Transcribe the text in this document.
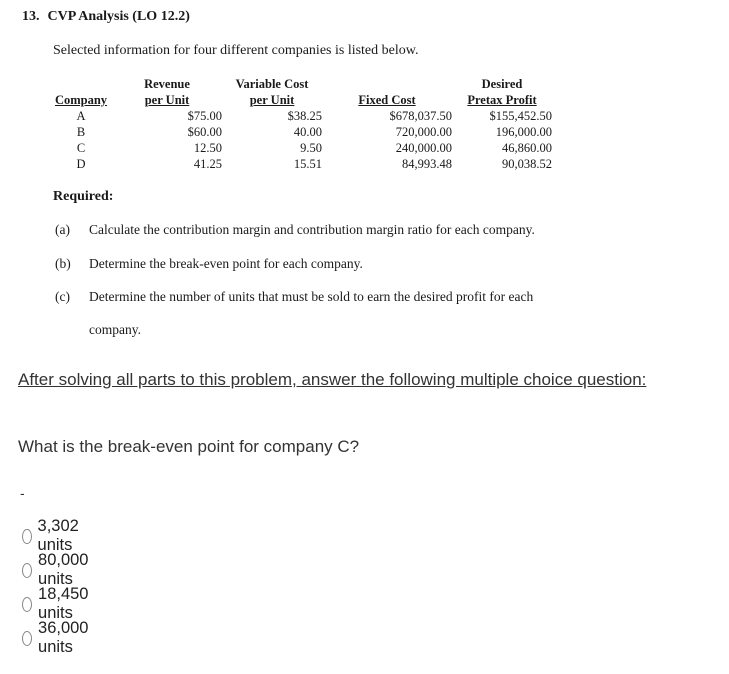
13. CVP Analysis (LO 12.2)
Selected information for four different companies is listed below.
	Revenue	Variable Cost		Desired
Company	per Unit	per Unit	Fixed Cost	Pretax Profit
A	$75.00	$38.25	$678,037.50	$155,452.50
B	$60.00	40.00	720,000.00	196,000.00
C	12.50	9.50	240,000.00	46,860.00
D	41.25	15.51	84,993.48	90,038.52
Required:
(a) Calculate the contribution margin and contribution margin ratio for each company.
(b) Determine the break-even point for each company.
(c) Determine the number of units that must be sold to earn the desired profit for each
company.
After solving all parts to this problem, answer the following multiple choice question:
What is the break-even point for company C?
-
3,302 units
80,000 units
18,450 units
36,000 units
